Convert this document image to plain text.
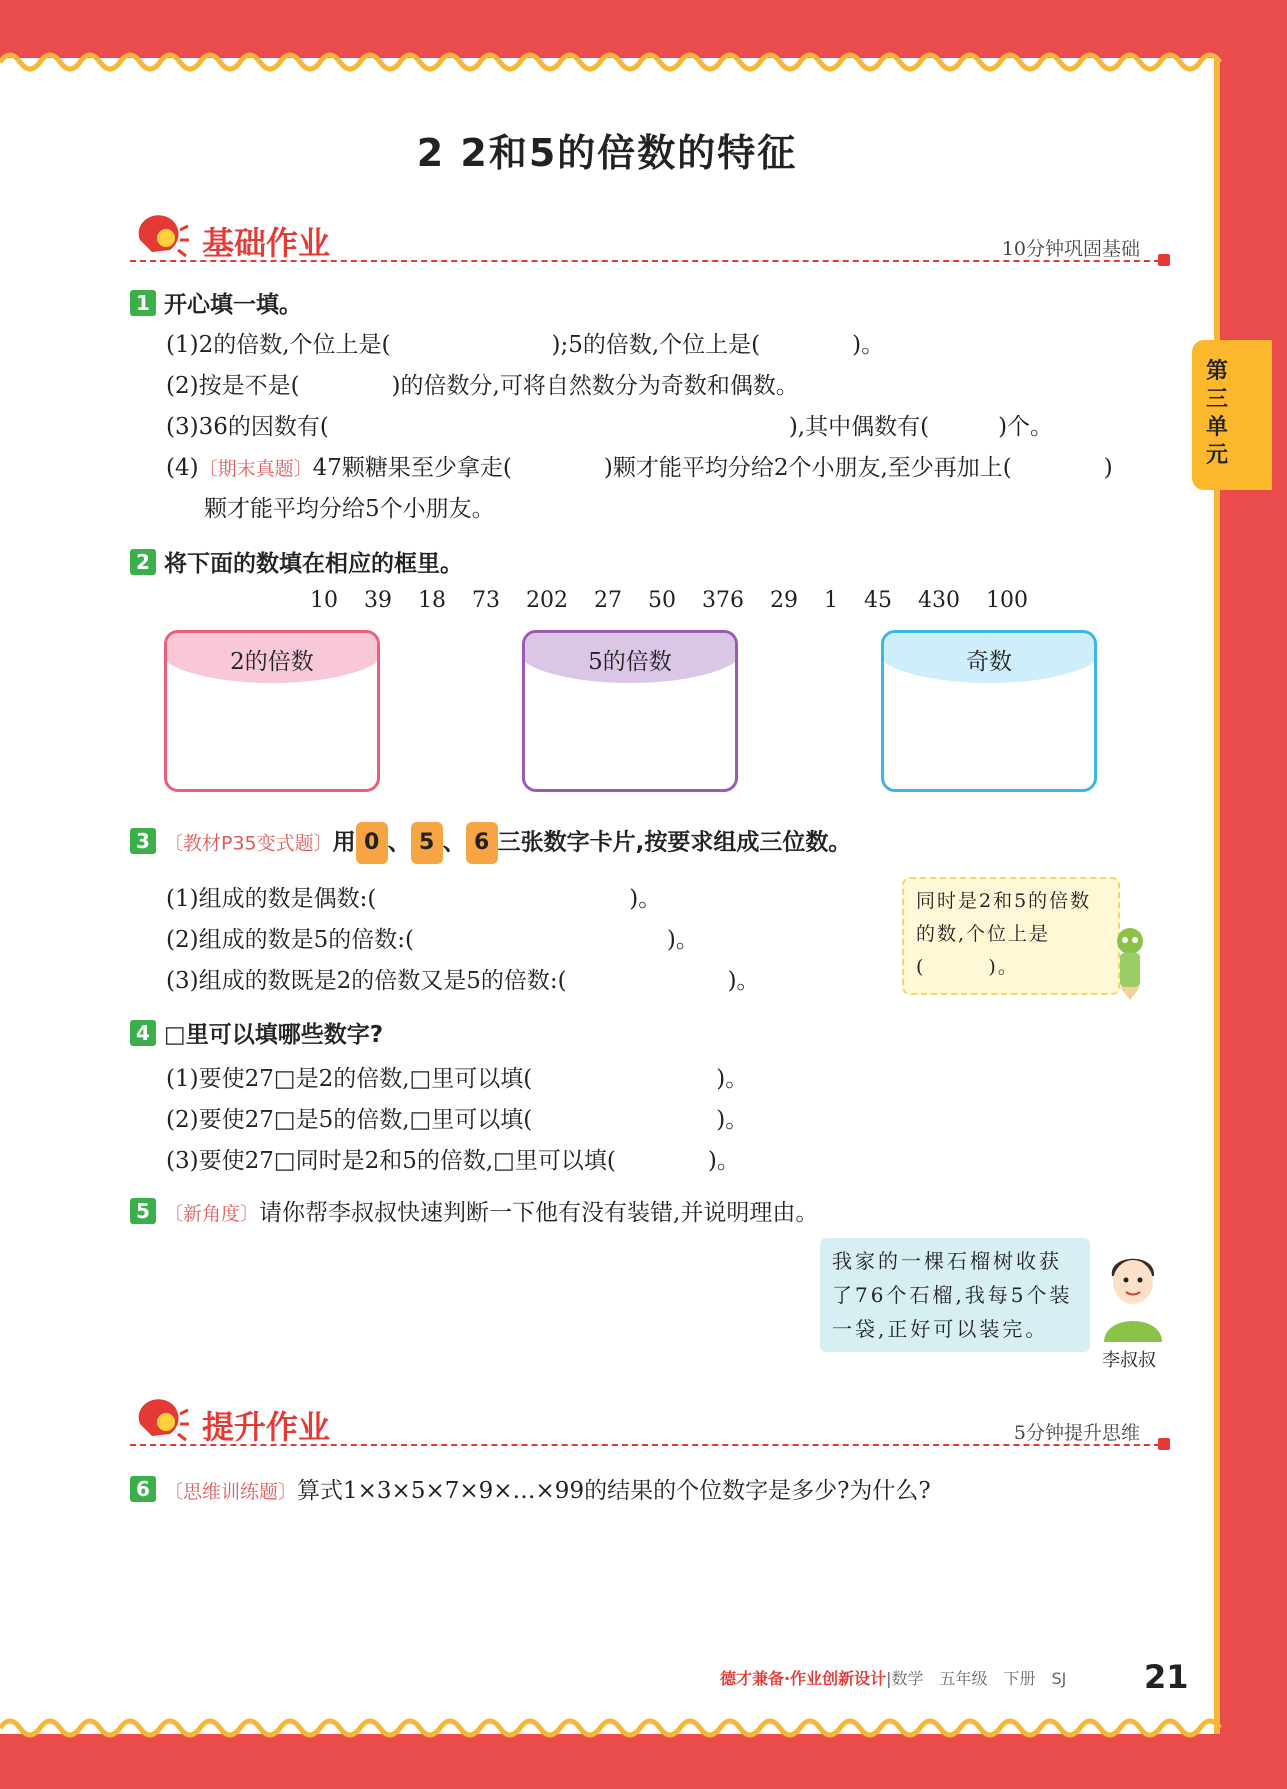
第三单元
2 2和5的倍数的特征
基础作业	10分钟巩固基础
1 开心填一填。
(1)2的倍数,个位上是(　　　　　　　);5的倍数,个位上是(　　　　)。
(2)按是不是(　　　　)的倍数分,可将自然数分为奇数和偶数。
(3)36的因数有(　　　　　　　　　　　　　　　　　　　　),其中偶数有(　　　)个。
(4)〔期末真题〕47颗糖果至少拿走(　　　　)颗才能平均分给2个小朋友,至少再加上(　　　　)
颗才能平均分给5个小朋友。
2 将下面的数填在相应的框里。
10 39 18 73 202 27 50 376 29 1 45 430 100
2的倍数	5的倍数	奇数
3 〔教材P35变式题〕用 0 、 5 、 6 三张数字卡片,按要求组成三位数。
(1)组成的数是偶数:(　　　　　　　　　　　)。
(2)组成的数是5的倍数:(　　　　　　　　　　　)。
(3)组成的数既是2的倍数又是5的倍数:(　　　　　　　)。
同时是2和5的倍数的数,个位上是(　　　)。
4 □里可以填哪些数字?
(1)要使27□是2的倍数,□里可以填(　　　　　　　　)。
(2)要使27□是5的倍数,□里可以填(　　　　　　　　)。
(3)要使27□同时是2和5的倍数,□里可以填(　　　　)。
5 〔新角度〕请你帮李叔叔快速判断一下他有没有装错,并说明理由。
我家的一棵石榴树收获了76个石榴,我每5个装一袋,正好可以装完。
李叔叔
提升作业	5分钟提升思维
6 〔思维训练题〕算式1×3×5×7×9×…×99的结果的个位数字是多少?为什么?
德才兼备·作业创新设计|数学　五年级　下册　SJ 21
